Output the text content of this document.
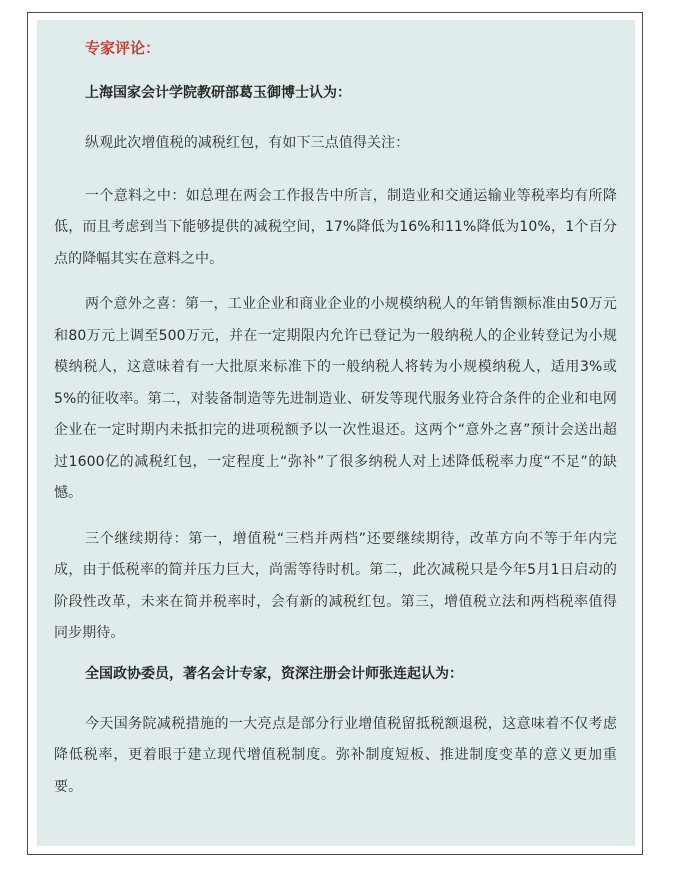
专家评论：

上海国家会计学院教研部葛玉御博士认为：

纵观此次增值税的减税红包，有如下三点值得关注：

一个意料之中：如总理在两会工作报告中所言，制造业和交通运输业等税率均有所降低，而且考虑到当下能够提供的减税空间，17%降低为16%和11%降低为10%，1个百分点的降幅其实在意料之中。

两个意外之喜：第一，工业企业和商业企业的小规模纳税人的年销售额标准由50万元和80万元上调至500万元，并在一定期限内允许已登记为一般纳税人的企业转登记为小规模纳税人，这意味着有一大批原来标准下的一般纳税人将转为小规模纳税人，适用3%或5%的征收率。第二，对装备制造等先进制造业、研发等现代服务业符合条件的企业和电网企业在一定时期内未抵扣完的进项税额予以一次性退还。这两个“意外之喜”预计会送出超过1600亿的减税红包，一定程度上“弥补”了很多纳税人对上述降低税率力度“不足”的缺憾。

三个继续期待：第一，增值税“三档并两档”还要继续期待，改革方向不等于年内完成，由于低税率的简并压力巨大，尚需等待时机。第二，此次减税只是今年5月1日启动的阶段性改革，未来在简并税率时，会有新的减税红包。第三，增值税立法和两档税率值得同步期待。

全国政协委员，著名会计专家，资深注册会计师张连起认为：

今天国务院减税措施的一大亮点是部分行业增值税留抵税额退税，这意味着不仅考虑降低税率，更着眼于建立现代增值税制度。弥补制度短板、推进制度变革的意义更加重要。
